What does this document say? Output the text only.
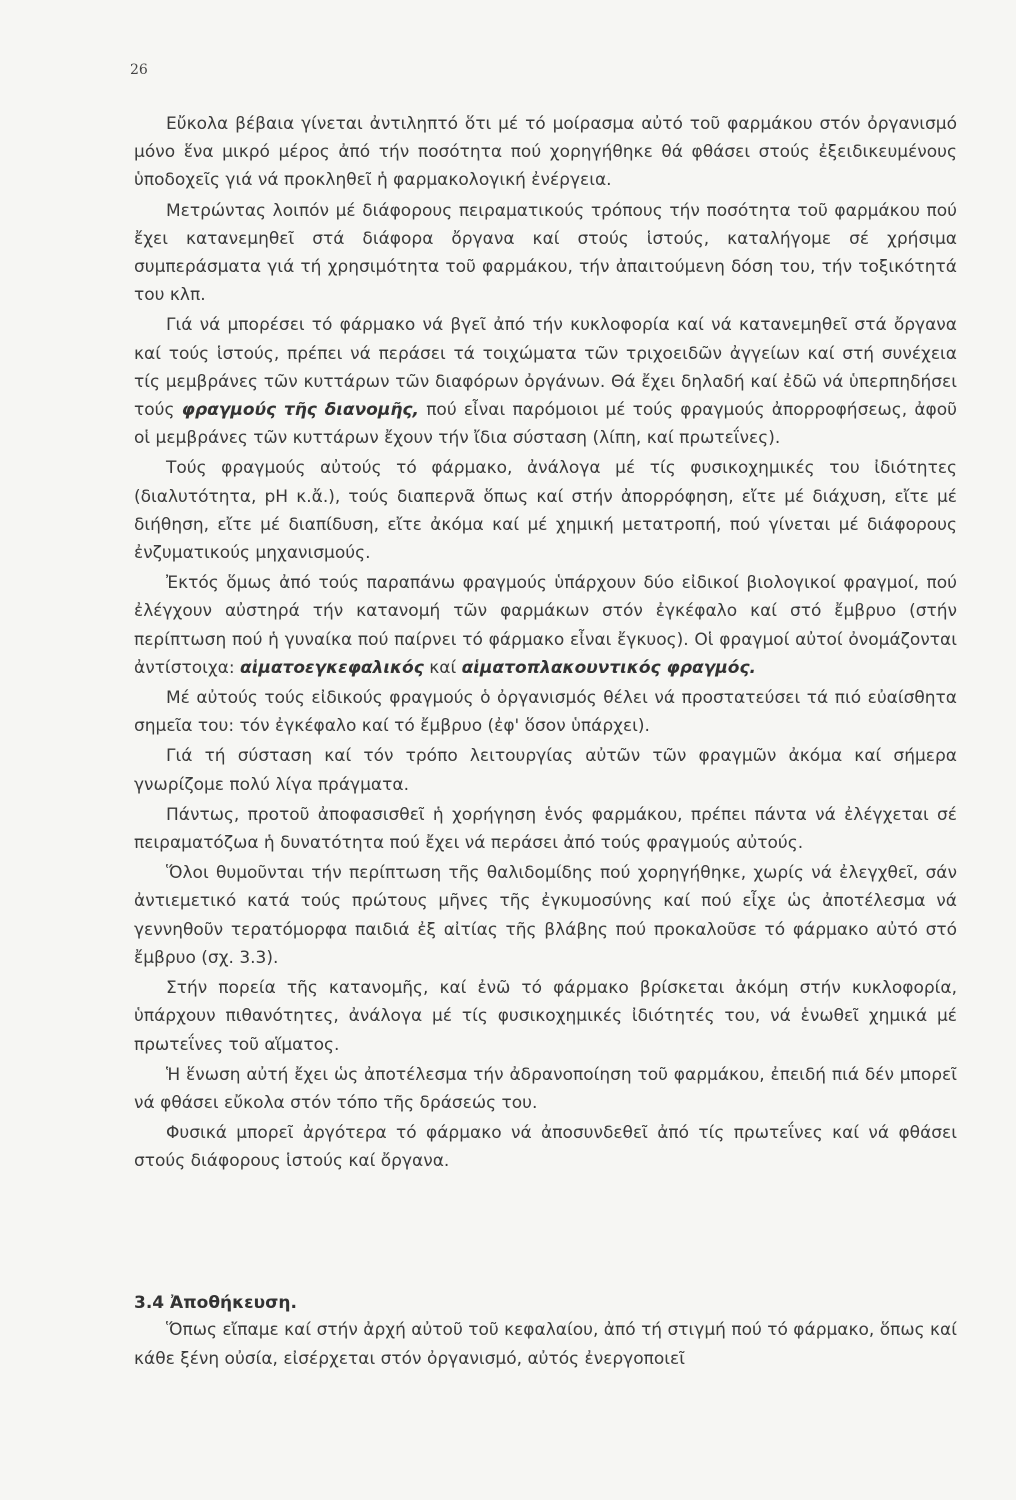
26

Εὔκολα βέβαια γίνεται ἀντιληπτό ὅτι μέ τό μοίρασμα αὐτό τοῦ φαρμάκου στόν ὀργανισμό μόνο ἕνα μικρό μέρος ἀπό τήν ποσότητα πού χορηγήθηκε θά φθάσει στούς ἐξειδικευμένους ὑποδοχεῖς γιά νά προκληθεῖ ἡ φαρμακολογική ἐνέργεια.

Μετρώντας λοιπόν μέ διάφορους πειραματικούς τρόπους τήν ποσότητα τοῦ φαρμάκου πού ἔχει κατανεμηθεῖ στά διάφορα ὄργανα καί στούς ἱστούς, καταλήγομε σέ χρήσιμα συμπεράσματα γιά τή χρησιμότητα τοῦ φαρμάκου, τήν ἀπαιτούμενη δόση του, τήν τοξικότητά του κλπ.

Γιά νά μπορέσει τό φάρμακο νά βγεῖ ἀπό τήν κυκλοφορία καί νά κατανεμηθεῖ στά ὄργανα καί τούς ἱστούς, πρέπει νά περάσει τά τοιχώματα τῶν τριχοειδῶν ἀγγείων καί στή συνέχεια τίς μεμβράνες τῶν κυττάρων τῶν διαφόρων ὀργάνων. Θά ἔχει δηλαδή καί ἐδῶ νά ὑπερπηδήσει τούς φραγμούς τῆς διανομῆς, πού εἶναι παρόμοιοι μέ τούς φραγμούς ἀπορροφήσεως, ἀφοῦ οἱ μεμβράνες τῶν κυττάρων ἔχουν τήν ἴδια σύσταση (λίπη, καί πρωτεΐνες).

Τούς φραγμούς αὐτούς τό φάρμακο, ἀνάλογα μέ τίς φυσικοχημικές του ἰδιότητες (διαλυτότητα, pH κ.ἄ.), τούς διαπερνᾶ ὅπως καί στήν ἀπορρόφηση, εἴτε μέ διάχυση, εἴτε μέ διήθηση, εἴτε μέ διαπίδυση, εἴτε ἀκόμα καί μέ χημική μετατροπή, πού γίνεται μέ διάφορους ἐνζυματικούς μηχανισμούς.

Ἐκτός ὅμως ἀπό τούς παραπάνω φραγμούς ὑπάρχουν δύο εἰδικοί βιολογικοί φραγμοί, πού ἐλέγχουν αὐστηρά τήν κατανομή τῶν φαρμάκων στόν ἐγκέφαλο καί στό ἔμβρυο (στήν περίπτωση πού ἡ γυναίκα πού παίρνει τό φάρμακο εἶναι ἔγκυος). Οἱ φραγμοί αὐτοί ὀνομάζονται ἀντίστοιχα: αἱματοεγκεφαλικός καί αἱματοπλακουντικός φραγμός.

Μέ αὐτούς τούς εἰδικούς φραγμούς ὁ ὀργανισμός θέλει νά προστατεύσει τά πιό εὐαίσθητα σημεῖα του: τόν ἐγκέφαλο καί τό ἔμβρυο (ἐφ' ὅσον ὑπάρχει).

Γιά τή σύσταση καί τόν τρόπο λειτουργίας αὐτῶν τῶν φραγμῶν ἀκόμα καί σήμερα γνωρίζομε πολύ λίγα πράγματα.

Πάντως, προτοῦ ἀποφασισθεῖ ἡ χορήγηση ἑνός φαρμάκου, πρέπει πάντα νά ἐλέγχεται σέ πειραματόζωα ἡ δυνατότητα πού ἔχει νά περάσει ἀπό τούς φραγμούς αὐτούς.

Ὅλοι θυμοῦνται τήν περίπτωση τῆς θαλιδομίδης πού χορηγήθηκε, χωρίς νά ἐλεγχθεῖ, σάν ἀντιεμετικό κατά τούς πρώτους μῆνες τῆς ἐγκυμοσύνης καί πού εἶχε ὡς ἀποτέλεσμα νά γεννηθοῦν τερατόμορφα παιδιά ἐξ αἰτίας τῆς βλάβης πού προκαλοῦσε τό φάρμακο αὐτό στό ἔμβρυο (σχ. 3.3).

Στήν πορεία τῆς κατανομῆς, καί ἐνῶ τό φάρμακο βρίσκεται ἀκόμη στήν κυκλοφορία, ὑπάρχουν πιθανότητες, ἀνάλογα μέ τίς φυσικοχημικές ἰδιότητές του, νά ἑνωθεῖ χημικά μέ πρωτεΐνες τοῦ αἵματος.

Ἡ ἕνωση αὐτή ἔχει ὡς ἀποτέλεσμα τήν ἀδρανοποίηση τοῦ φαρμάκου, ἐπειδή πιά δέν μπορεῖ νά φθάσει εὔκολα στόν τόπο τῆς δράσεώς του.

Φυσικά μπορεῖ ἀργότερα τό φάρμακο νά ἀποσυνδεθεῖ ἀπό τίς πρωτεΐνες καί νά φθάσει στούς διάφορους ἱστούς καί ὄργανα.

3.4 Ἀποθήκευση.

Ὅπως εἴπαμε καί στήν ἀρχή αὐτοῦ τοῦ κεφαλαίου, ἀπό τή στιγμή πού τό φάρμακο, ὅπως καί κάθε ξένη οὐσία, εἰσέρχεται στόν ὀργανισμό, αὐτός ἐνεργοποιεῖ
